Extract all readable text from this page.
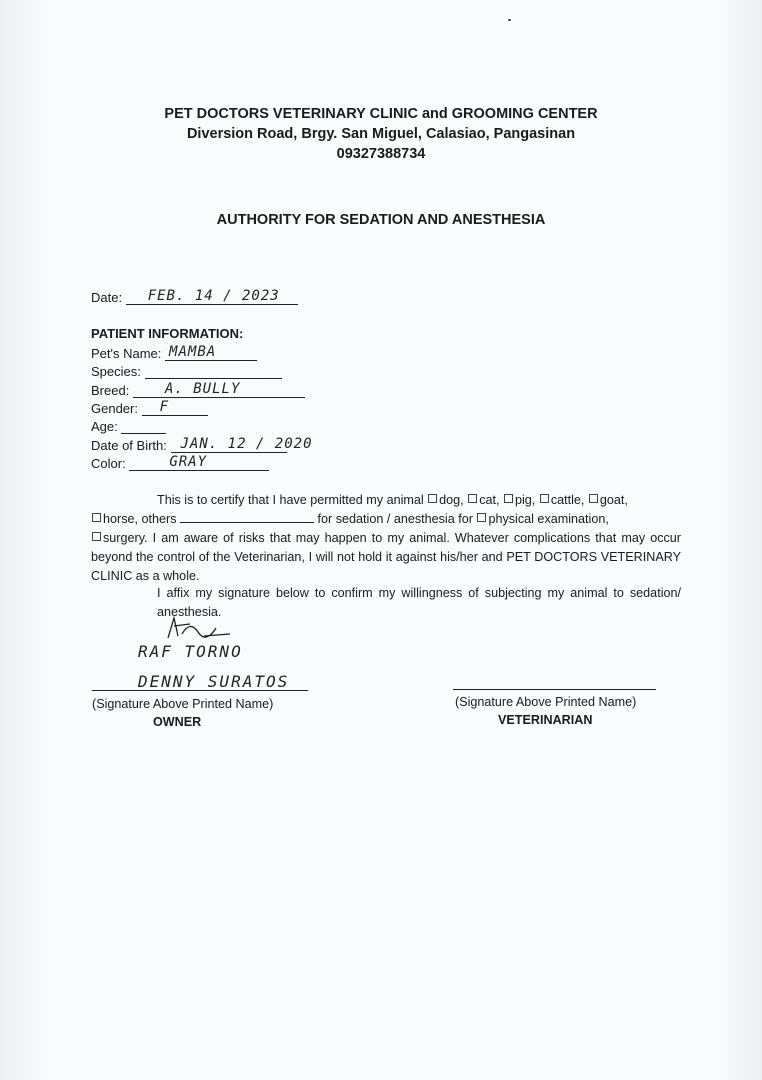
PET DOCTORS VETERINARY CLINIC and GROOMING CENTER
Diversion Road, Brgy. San Miguel, Calasiao, Pangasinan
09327388734
AUTHORITY FOR SEDATION AND ANESTHESIA
Date: FEB. 14 / 2023
PATIENT INFORMATION:
Pet's Name: MAMBA
Species:
Breed:	A. BULLY
Gender: F
Age:
Date of Birth: JAN. 12 / 2020
Color:	GRAY
This is to certify that I have permitted my animal dog, cat, pig, cattle, goat,
horse, others	for sedation / anesthesia for physical examination,
surgery. I am aware of risks that may happen to my animal. Whatever complications that may occur beyond the control of the Veterinarian, I will not hold it against his/her and PET DOCTORS VETERINARY CLINIC as a whole.
I affix my signature below to confirm my willingness of subjecting my animal to sedation/ anesthesia.
RAF TORNO
DENNY SURATOS
(Signature Above Printed Name)
OWNER
(Signature Above Printed Name)
VETERINARIAN
